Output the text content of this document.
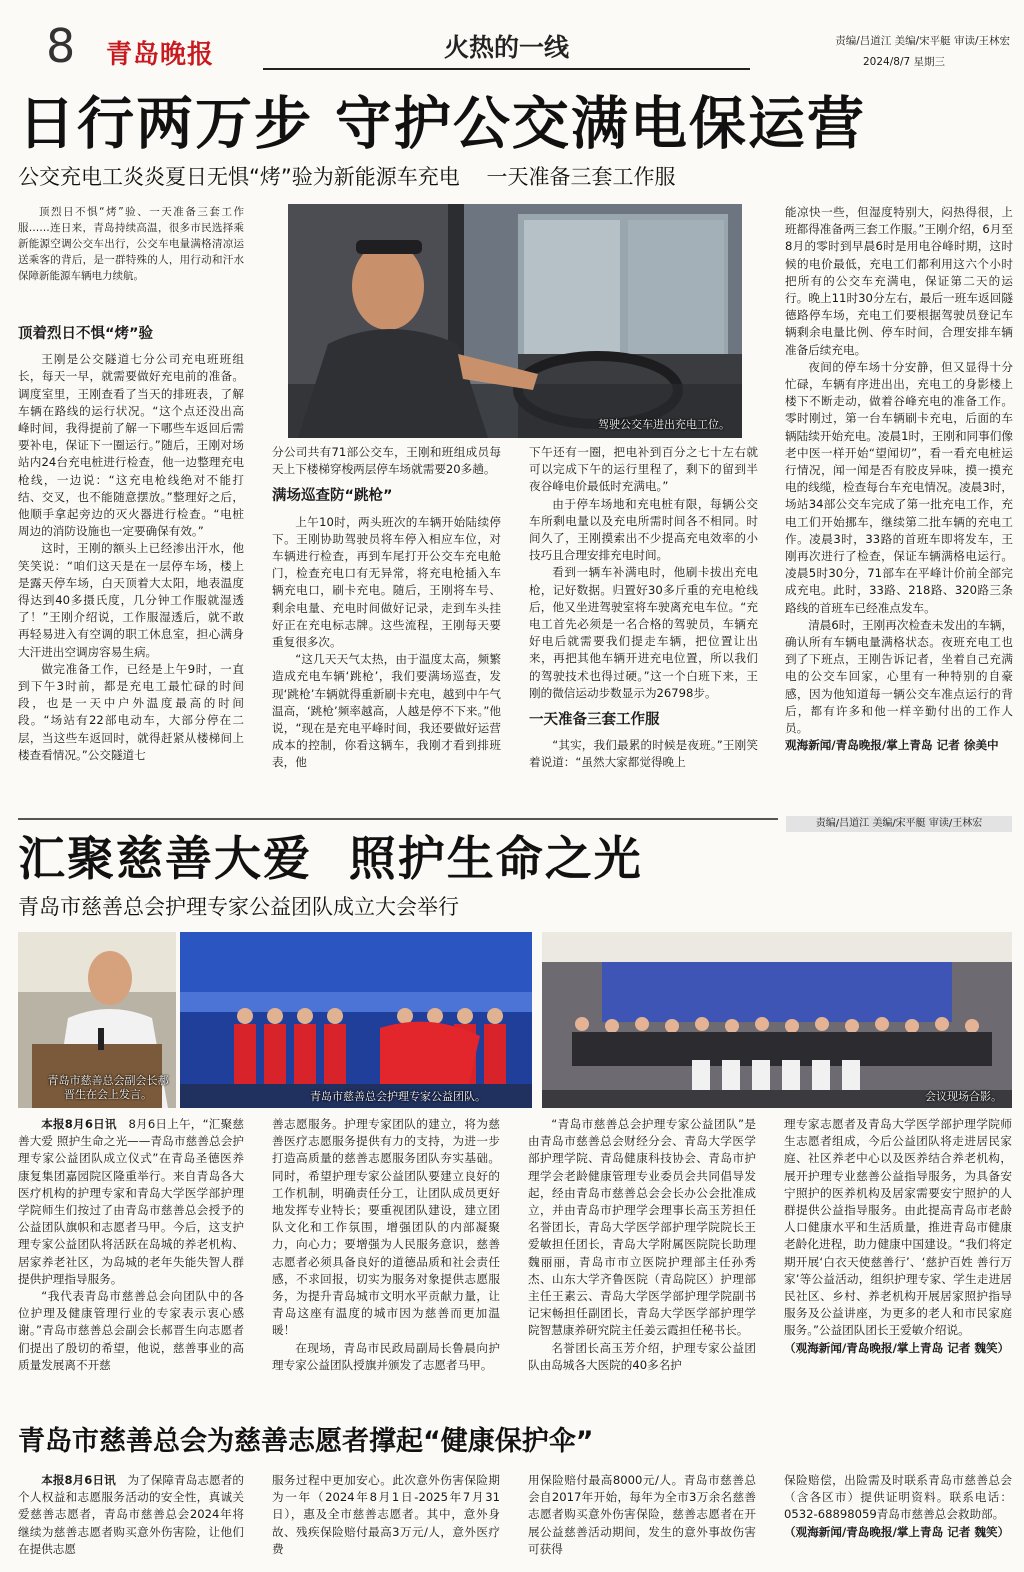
8 青岛晚报	火热的一线	责编/吕道江 美编/宋平艇 审读/王林宏
2024/8/7 星期三
日行两万步 守护公交满电保运营
公交充电工炎炎夏日无惧“烤”验为新能源车充电    一天准备三套工作服

顶烈日不惧“烤”验、一天准备三套工作服……连日来，青岛持续高温，很多市民选择乘新能源空调公交车出行，公交车电量满格清凉运送乘客的背后，是一群特殊的人，用行动和汗水保障新能源车辆电力续航。

驾驶公交车进出充电工位。
顶着烈日不惧“烤”验

王刚是公交隧道七分公司充电班班组长，每天一早，就需要做好充电前的准备。调度室里，王刚查看了当天的排班表，了解车辆在路线的运行状况。“这个点还没出高峰时间，我得提前了解一下哪些车返回后需要补电，保证下一圈运行。”随后，王刚对场站内24台充电桩进行检查，他一边整理充电枪线，一边说：“这充电枪线绝对不能打结、交叉，也不能随意摆放。”整理好之后，他顺手拿起旁边的灭火器进行检查。“电桩周边的消防设施也一定要确保有效。”

这时，王刚的额头上已经渗出汗水，他笑笑说：“咱们这天是在一层停车场，楼上是露天停车场，白天顶着大太阳，地表温度得达到40多摄氏度，几分钟工作服就湿透了！”王刚介绍说，工作服湿透后，就不敢再轻易进入有空调的职工休息室，担心满身大汗进出空调房容易生病。

做完准备工作，已经是上午9时，一直到下午3时前，都是充电工最忙碌的时间段，也是一天中户外温度最高的时间段。“场站有22部电动车，大部分停在二层，当这些车返回时，就得赶紧从楼梯间上楼查看情况。”公交隧道七

分公司共有71部公交车，王刚和班组成员每天上下楼梯穿梭两层停车场就需要20多趟。

满场巡查防“跳枪”

上午10时，两头班次的车辆开始陆续停下。王刚协助驾驶员将车停入相应车位，对车辆进行检查，再到车尾打开公交车充电舱门，检查充电口有无异常，将充电枪插入车辆充电口，刷卡充电。随后，王刚将车号、剩余电量、充电时间做好记录，走到车头挂好正在充电标志牌。这些流程，王刚每天要重复很多次。

“这几天天气太热，由于温度太高，频繁造成充电车辆‘跳枪’，我们要满场巡查，发现‘跳枪’车辆就得重新刷卡充电，越到中午气温高，‘跳枪’频率越高，人越是停不下来。”他说，“现在是充电平峰时间，我还要做好运营成本的控制，你看这辆车，我刚才看到排班表，他

下午还有一圈，把电补到百分之七十左右就可以完成下午的运行里程了，剩下的留到半夜谷峰电价最低时充满电。”

由于停车场地和充电桩有限，每辆公交车所剩电量以及充电所需时间各不相同。时间久了，王刚摸索出不少提高充电效率的小技巧且合理安排充电时间。

看到一辆车补满电时，他刷卡拔出充电枪，记好数据。归置好30多斤重的充电枪线后，他又坐进驾驶室将车驶离充电车位。“充电工首先必须是一名合格的驾驶员，车辆充好电后就需要我们提走车辆，把位置让出来，再把其他车辆开进充电位置，所以我们的驾驶技术也得过硬。”这一个白班下来，王刚的微信运动步数显示为26798步。

一天准备三套工作服

“其实，我们最累的时候是夜班。”王刚笑着说道：“虽然大家都觉得晚上

能凉快一些，但湿度特别大，闷热得很，上班都得准备两三套工作服。”王刚介绍，6月至8月的零时到早晨6时是用电谷峰时期，这时候的电价最低，充电工们都利用这六个小时把所有的公交车充满电，保证第二天的运行。晚上11时30分左右，最后一班车返回隧德路停车场，充电工们要根据驾驶员登记车辆剩余电量比例、停车时间，合理安排车辆准备后续充电。

夜间的停车场十分安静，但又显得十分忙碌，车辆有序进出出，充电工的身影楼上楼下不断走动，做着谷峰充电的准备工作。零时刚过，第一台车辆刷卡充电，后面的车辆陆续开始充电。凌晨1时，王刚和同事们像老中医一样开始“望闻切”，看一看充电桩运行情况，闻一闻是否有胶皮异味，摸一摸充电的线缆，检查每台车充电情况。凌晨3时，场站34部公交车完成了第一批充电工作，充电工们开始挪车，继续第二批车辆的充电工作。凌晨3时，33路的首班车即将发车，王刚再次进行了检查，保证车辆满格电运行。凌晨5时30分，71部车在平峰计价前全部完成充电。此时，33路、218路、320路三条路线的首班车已经准点发车。

清晨6时，王刚再次检查未发出的车辆，确认所有车辆电量满格状态。夜班充电工也到了下班点，王刚告诉记者，坐着自己充满电的公交车回家，心里有一种特别的自豪感，因为他知道每一辆公交车准点运行的背后，都有许多和他一样辛勤付出的工作人员。

观海新闻/青岛晚报/掌上青岛 记者 徐美中

责编/吕道江 美编/宋平艇 审读/王林宏
汇聚慈善大爱  照护生命之光
青岛市慈善总会护理专家公益团队成立大会举行
青岛市慈善总会副会长郝晋生在会上发言。	青岛市慈善总会护理专家公益团队。	会议现场合影。

本报8月6日讯　 8月6日上午，“汇聚慈善大爱 照护生命之光——青岛市慈善总会护理专家公益团队成立仪式”在青岛圣德医养康复集团嘉园院区隆重举行。来自青岛各大医疗机构的护理专家和青岛大学医学部护理学院师生们按过了由青岛市慈善总会授予的公益团队旗帜和志愿者马甲。今后，这支护理专家公益团队将活跃在岛城的养老机构、居家养老社区，为岛城的老年失能失智人群提供护理指导服务。

“我代表青岛市慈善总会向团队中的各位护理及健康管理行业的专家表示衷心感谢。”青岛市慈善总会副会长郝晋生向志愿者们提出了殷切的希望，他说，慈善事业的高质量发展离不开慈

善志愿服务。护理专家团队的建立，将为慈善医疗志愿服务提供有力的支持，为进一步打造高质量的慈善志愿服务团队夯实基础。同时，希望护理专家公益团队要建立良好的工作机制，明确责任分工，让团队成员更好地发挥专业特长；要重视团队建设，建立团队文化和工作氛围，增强团队的内部凝聚力，向心力；要增强为人民服务意识，慈善志愿者必须具备良好的道德品质和社会责任感，不求回报，切实为服务对象提供志愿服务，为提升青岛城市文明水平贡献力量，让青岛这座有温度的城市因为慈善而更加温暖！

在现场，青岛市民政局副局长鲁晨向护理专家公益团队授旗并颁发了志愿者马甲。

“青岛市慈善总会护理专家公益团队”是由青岛市慈善总会财经分会、青岛大学医学部护理学院、青岛健康科技协会、青岛市护理学会老龄健康管理专业委员会共同倡导发起，经由青岛市慈善总会会长办公会批准成立，并由青岛市护理学会理事长高玉芳担任名誉团长，青岛大学医学部护理学院院长王爱敏担任团长，青岛大学附属医院院长助理魏丽丽，青岛市市立医院护理部主任孙秀杰、山东大学齐鲁医院（青岛院区）护理部主任王素云、青岛大学医学部护理学院副书记宋畅担任副团长，青岛大学医学部护理学院智慧康养研究院主任姜云霞担任秘书长。

名誉团长高玉芳介绍，护理专家公益团队由岛城各大医院的40多名护

理专家志愿者及青岛大学医学部护理学院师生志愿者组成，今后公益团队将走进居民家庭、社区养老中心以及医养结合养老机构，展开护理专业慈善公益指导服务，为具备安宁照护的医养机构及居家需要安宁照护的人群提供公益指导服务。由此提高青岛市老龄人口健康水平和生活质量，推进青岛市健康老龄化进程，助力健康中国建设。“我们将定期开展‘白衣天使慈善行’、‘慈护百姓 善行万家’等公益活动，组织护理专家、学生走进居民社区、乡村、养老机构开展居家照护指导服务及公益讲座，为更多的老人和市民家庭服务。”公益团队团长王爱敏介绍说。

（观海新闻/青岛晚报/掌上青岛 记者 魏笑）

青岛市慈善总会为慈善志愿者撑起“健康保护伞”

本报8月6日讯　 为了保障青岛志愿者的个人权益和志愿服务活动的安全性，真诚关爱慈善志愿者，青岛市慈善总会2024年将继续为慈善志愿者购买意外伤害险，让他们在提供志愿

服务过程中更加安心。此次意外伤害保险期为一年（2024年8月1日-2025年7月31日），惠及全市慈善志愿者。其中，意外身故、残疾保险赔付最高3万元/人，意外医疗费

用保险赔付最高8000元/人。青岛市慈善总会自2017年开始，每年为全市3万余名慈善志愿者购买意外伤害保险，慈善志愿者在开展公益慈善活动期间，发生的意外事故伤害可获得

保险赔偿，出险需及时联系青岛市慈善总会（含各区市）提供证明资料。联系电话：0532-68898059青岛市慈善总会救助部。

（观海新闻/青岛晚报/掌上青岛 记者 魏笑）
